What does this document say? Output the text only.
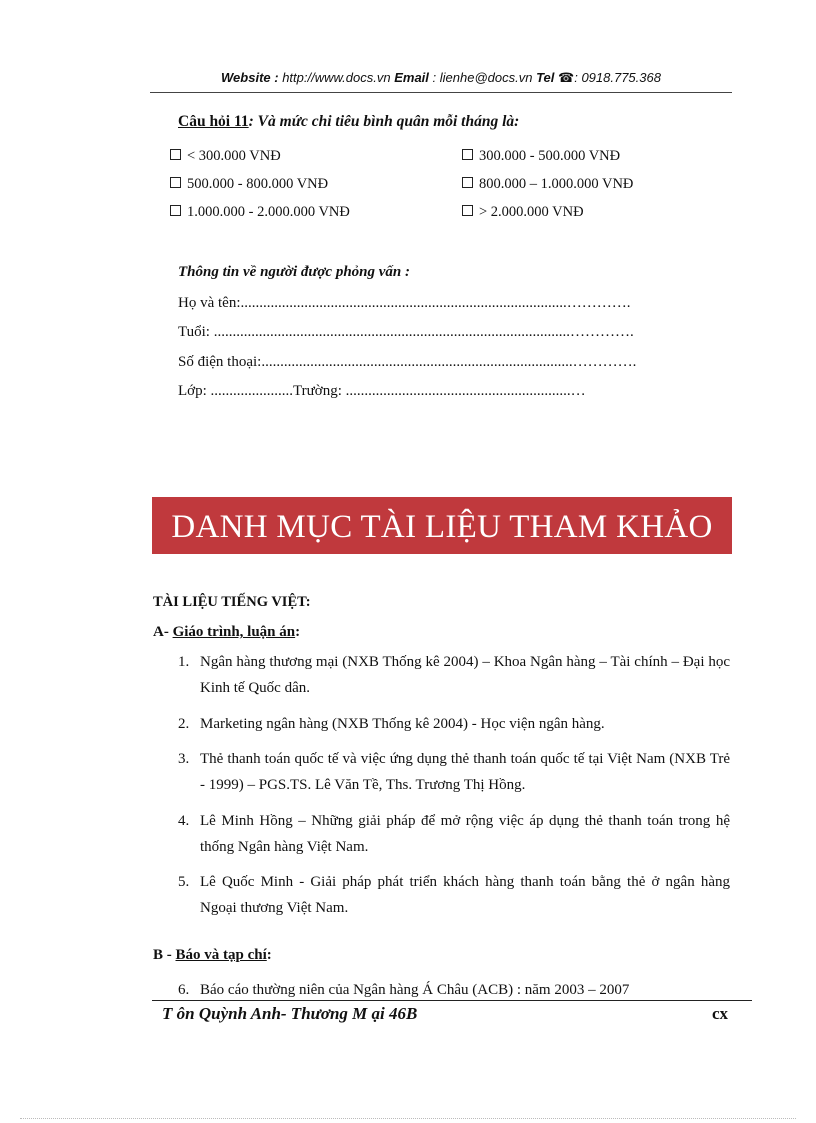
Website : http://www.docs.vn Email : lienhe@docs.vn Tel ☎: 0918.775.368
Câu hỏi 11: Và mức chi tiêu bình quân mỗi tháng là:
< 300.000 VNĐ	300.000 - 500.000 VNĐ
500.000 - 800.000 VNĐ	800.000 – 1.000.000 VNĐ
1.000.000 - 2.000.000 VNĐ	> 2.000.000 VNĐ
Thông tin về người được phỏng vấn :
Họ và tên:.......................................................................................………….
Tuổi: ...............................................................................................………….
Số điện thoại:...................................................................................………….
Lớp: ......................Trường: ............................................................…
DANH MỤC TÀI LIỆU THAM KHẢO
TÀI LIỆU TIẾNG VIỆT:
A- Giáo trình, luận án:
1. Ngân hàng thương mại (NXB Thống kê 2004) – Khoa Ngân hàng – Tài chính – Đại học Kinh tế Quốc dân.
2. Marketing ngân hàng (NXB Thống kê 2004) - Học viện ngân hàng.
3. Thẻ thanh toán quốc tế và việc ứng dụng thẻ thanh toán quốc tế tại Việt Nam (NXB Trẻ - 1999) – PGS.TS. Lê Văn Tề, Ths. Trương Thị Hồng.
4. Lê Minh Hồng – Những giải pháp để mở rộng việc áp dụng thẻ thanh toán trong hệ thống Ngân hàng Việt Nam.
5. Lê Quốc Minh - Giải pháp phát triển khách hàng thanh toán bằng thẻ ở ngân hàng Ngoại thương Việt Nam.
B - Báo và tạp chí:
6. Báo cáo thường niên của Ngân hàng Á Châu (ACB) : năm 2003 – 2007
T ôn Quỳnh Anh- Thương M ại 46B	cx
